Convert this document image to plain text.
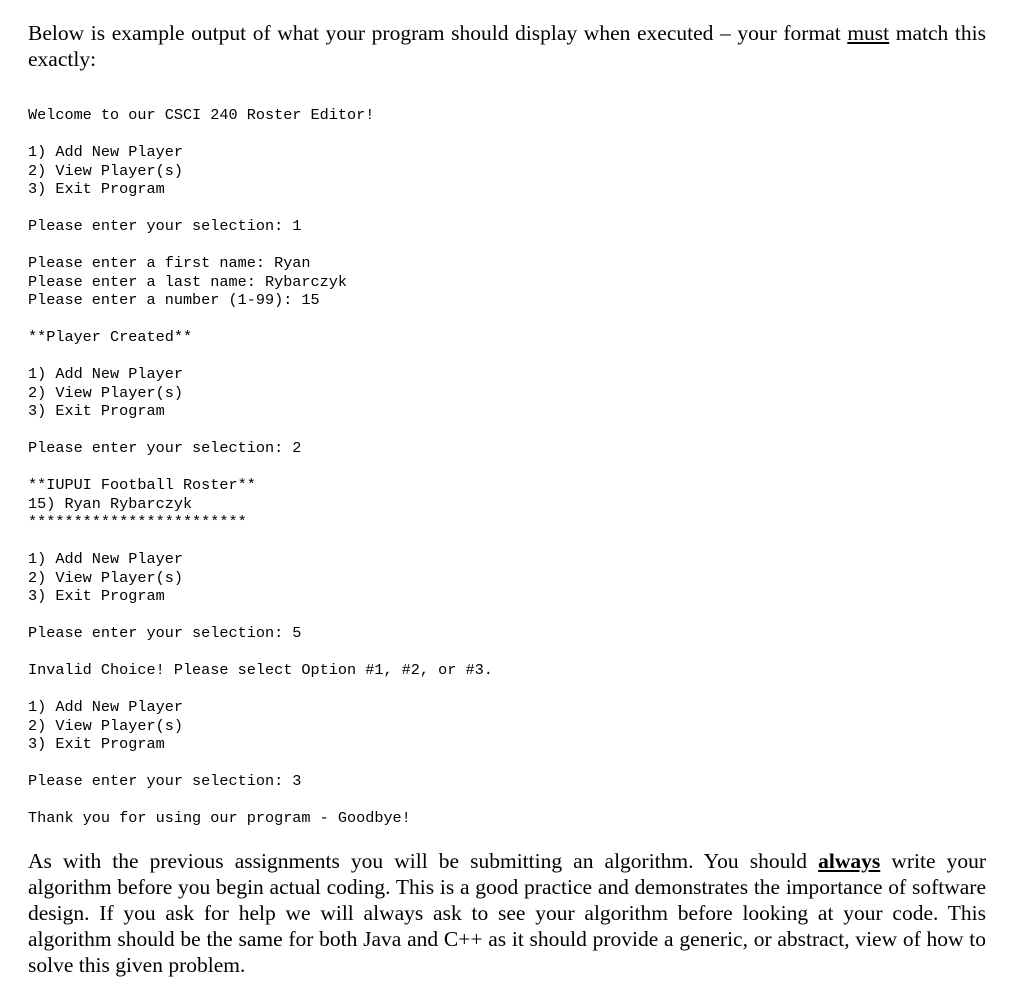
Below is example output of what your program should display when executed – your format must match this exactly:

Welcome to our CSCI 240 Roster Editor!
1) Add New Player
2) View Player(s)
3) Exit Program
Please enter your selection: 1
Please enter a first name: Ryan
Please enter a last name: Rybarczyk
Please enter a number (1-99): 15
**Player Created**
1) Add New Player
2) View Player(s)
3) Exit Program
Please enter your selection: 2
**IUPUI Football Roster**
15) Ryan Rybarczyk
************************
1) Add New Player
2) View Player(s)
3) Exit Program
Please enter your selection: 5
Invalid Choice! Please select Option #1, #2, or #3.
1) Add New Player
2) View Player(s)
3) Exit Program
Please enter your selection: 3
Thank you for using our program - Goodbye!

As with the previous assignments you will be submitting an algorithm. You should always write your algorithm before you begin actual coding. This is a good practice and demonstrates the importance of software design. If you ask for help we will always ask to see your algorithm before looking at your code. This algorithm should be the same for both Java and C++ as it should provide a generic, or abstract, view of how to solve this given problem.
